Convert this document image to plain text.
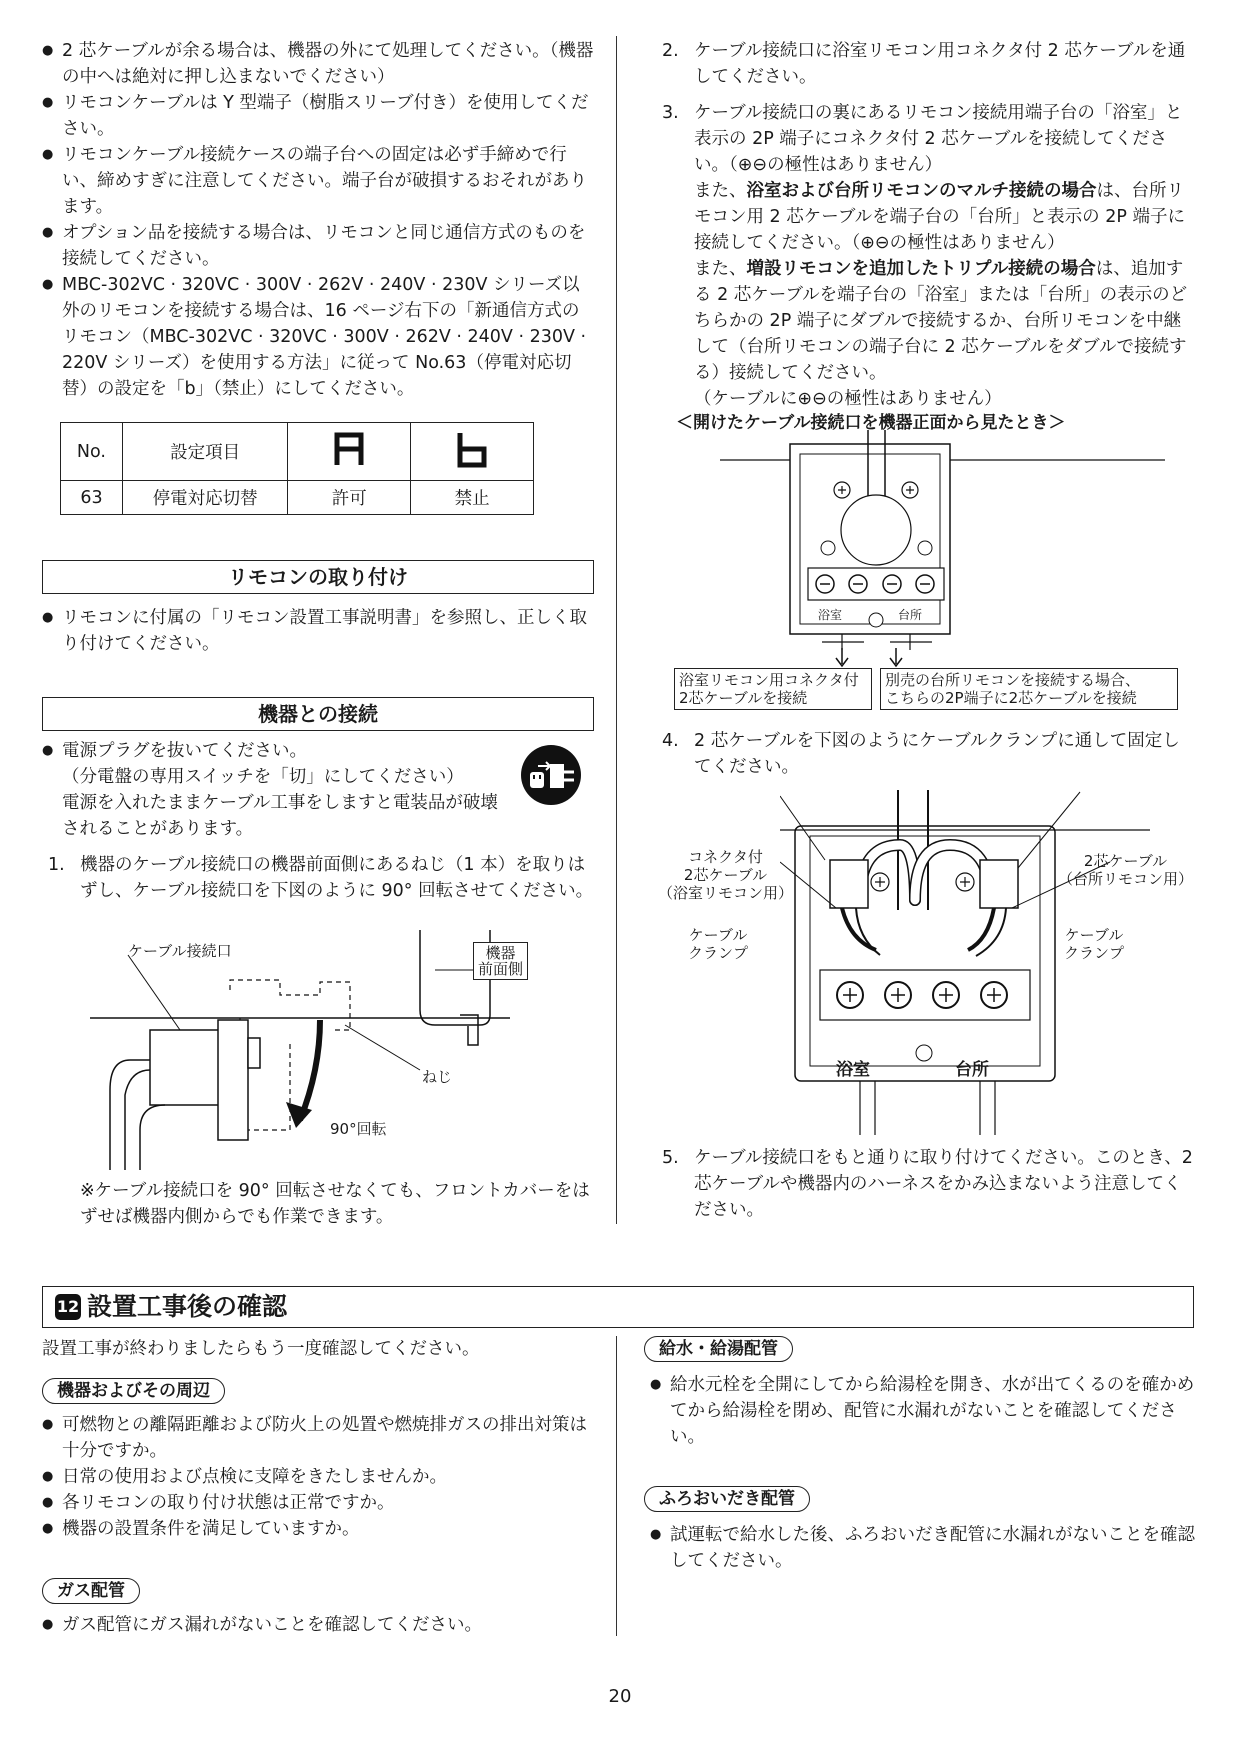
● 2 芯ケーブルが余る場合は、機器の外にて処理してください。（機器の中へは絶対に押し込まないでください）
● リモコンケーブルは Y 型端子（樹脂スリーブ付き）を使用してください。
● リモコンケーブル接続ケースの端子台への固定は必ず手締めで行い、締めすぎに注意してください。端子台が破損するおそれがあります。
● オプション品を接続する場合は、リモコンと同じ通信方式のものを接続してください。
● MBC-302VC · 320VC · 300V · 262V · 240V · 230V シリーズ以外のリモコンを接続する場合は、16 ページ右下の「新通信方式のリモコン（MBC-302VC · 320VC · 300V · 262V · 240V · 230V · 220V シリーズ）を使用する方法」に従って No.63（停電対応切替）の設定を「b」（禁止）にしてください。
No.	設定項目		
63	停電対応切替	許可	禁止
リモコンの取り付け
● リモコンに付属の「リモコン設置工事説明書」を参照し、正しく取り付けてください。
機器との接続
● 電源プラグを抜いてください。
（分電盤の専用スイッチを「切」にしてください）
電源を入れたままケーブル工事をしますと電装品が破壊されることがあります。
1. 機器のケーブル接続口の機器前面側にあるねじ（1 本）を取りはずし、ケーブル接続口を下図のように 90° 回転させてください。
ケーブル接続口	機器
前面側
ねじ
90°回転
※ケーブル接続口を 90° 回転させなくても、フロントカバーをはずせば機器内側からでも作業できます。
2. ケーブル接続口に浴室リモコン用コネクタ付 2 芯ケーブルを通してください。
3. ケーブル接続口の裏にあるリモコン接続用端子台の「浴室」と表示の 2P 端子にコネクタ付 2 芯ケーブルを接続してください。（⊕⊖の極性はありません）
また、浴室および台所リモコンのマルチ接続の場合は、台所リモコン用 2 芯ケーブルを端子台の「台所」と表示の 2P 端子に接続してください。（⊕⊖の極性はありません）
また、増設リモコンを追加したトリプル接続の場合は、追加する 2 芯ケーブルを端子台の「浴室」または「台所」の表示のどちらかの 2P 端子にダブルで接続するか、台所リモコンを中継して（台所リモコンの端子台に 2 芯ケーブルをダブルで接続する）接続してください。
（ケーブルに⊕⊖の極性はありません）
＜開けたケーブル接続口を機器正面から見たとき＞
浴室	台所
浴室リモコン用コネクタ付
2芯ケーブルを接続
別売の台所リモコンを接続する場合、
こちらの2P端子に2芯ケーブルを接続
4. 2 芯ケーブルを下図のようにケーブルクランプに通して固定してください。
コネクタ付
2芯ケーブル
（浴室リモコン用）
2芯ケーブル
（台所リモコン用）
ケーブル
クランプ
ケーブル
クランプ
浴室	台所
5. ケーブル接続口をもと通りに取り付けてください。このとき、2 芯ケーブルや機器内のハーネスをかみ込まないよう注意してください。
12 設置工事後の確認
設置工事が終わりましたらもう一度確認してください。
機器およびその周辺
● 可燃物との離隔距離および防火上の処置や燃焼排ガスの排出対策は十分ですか。
● 日常の使用および点検に支障をきたしませんか。
● 各リモコンの取り付け状態は正常ですか。
● 機器の設置条件を満足していますか。
ガス配管
● ガス配管にガス漏れがないことを確認してください。
給水・給湯配管
● 給水元栓を全開にしてから給湯栓を開き、水が出てくるのを確かめてから給湯栓を閉め、配管に水漏れがないことを確認してください。
ふろおいだき配管
● 試運転で給水した後、ふろおいだき配管に水漏れがないことを確認してください。
20
